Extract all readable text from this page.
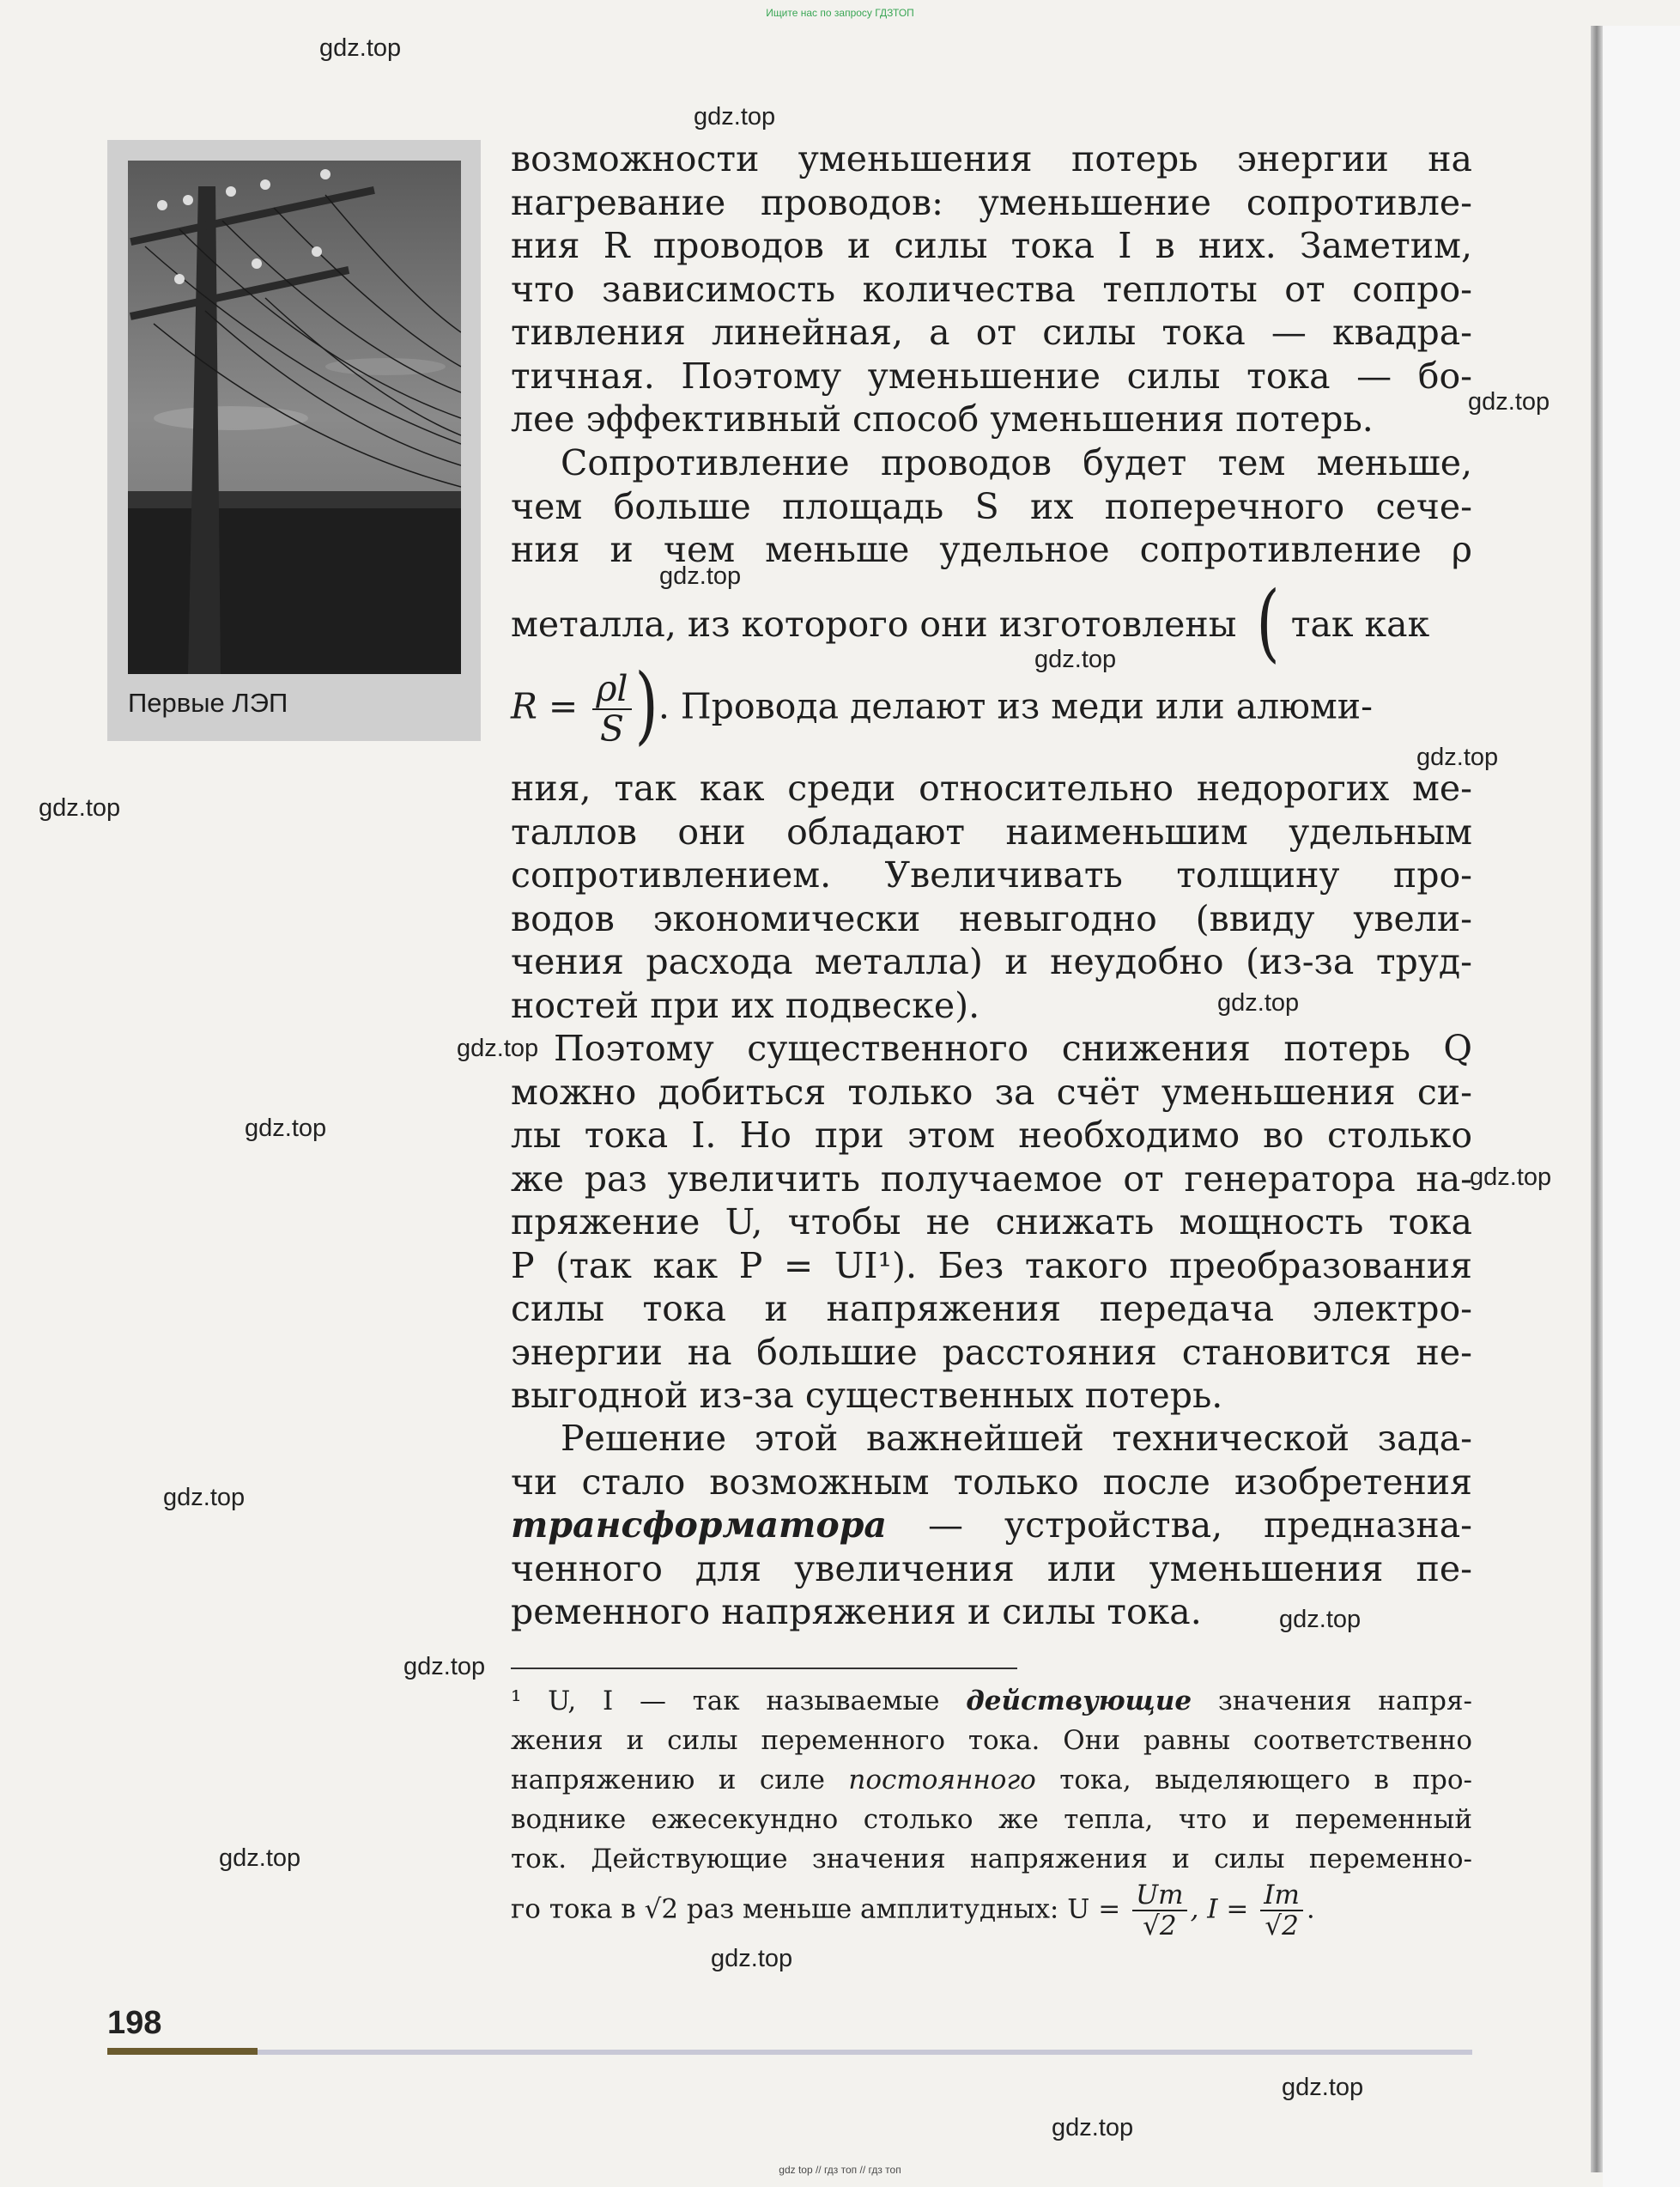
Ищите нас по запросу ГДЗТОП
Первые ЛЭП
возможности уменьшения потерь энергии на
нагревание проводов: уменьшение сопротивле-
ния R проводов и силы тока I в них. Заметим,
что зависимость количества теплоты от сопро-
тивления линейная, а от силы тока — квадра-
тичная. Поэтому уменьшение силы тока — бо-
лее эффективный способ уменьшения потерь.
Сопротивление проводов будет тем меньше,
чем больше площадь S их поперечного сече-
ния и чем меньше удельное сопротивление ρ
металла, из которого они изготовлены ( так как
$R = \frac{\rho l}{S}$ ). Провода делают из меди или алюми-
ния, так как среди относительно недорогих ме-
таллов они обладают наименьшим удельным
сопротивлением. Увеличивать толщину про-
водов экономически невыгодно (ввиду увели-
чения расхода металла) и неудобно (из-за труд-
ностей при их подвеске).
Поэтому существенного снижения потерь Q
можно добиться только за счёт уменьшения си-
лы тока I. Но при этом необходимо во столько
же раз увеличить получаемое от генератора на-
пряжение U, чтобы не снижать мощность тока
P (так как P = UI¹). Без такого преобразования
силы тока и напряжения передача электро-
энергии на большие расстояния становится не-
выгодной из-за существенных потерь.
Решение этой важнейшей технической зада-
чи стало возможным только после изобретения
трансформатора — устройства, предназна-
ченного для увеличения или уменьшения пе-
ременного напряжения и силы тока.
¹ U, I — так называемые действующие значения напря-
жения и силы переменного тока. Они равны соответственно
напряжению и силе постоянного тока, выделяющего в про-
воднике ежесекундно столько же тепла, что и переменный
ток. Действующие значения напряжения и силы переменно-
го тока в √2 раз меньше амплитудных: $U = \frac{Um}{√2}$ , $I = \frac{Im}{√2}$ .
198
gdz.top
gdz.top
gdz.top
gdz.top
gdz.top
gdz.top
gdz.top
gdz.top
gdz.top
gdz.top
gdz.top
gdz.top
gdz.top
gdz.top
gdz.top
gdz.top
gdz.top
gdz.top
gdz top // гдз топ // гдз топ
